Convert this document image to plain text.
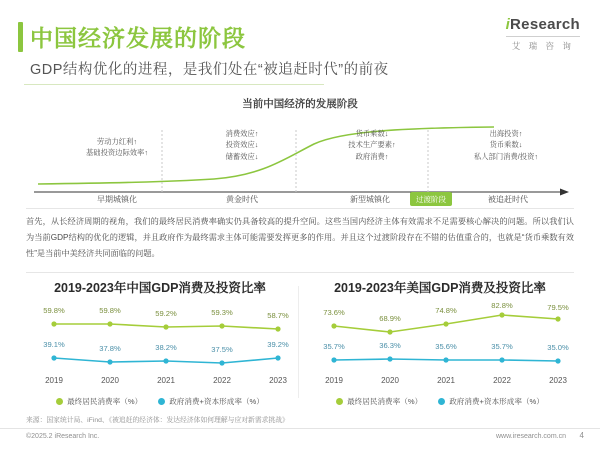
中国经济发展的阶段
GDP结构优化的进程，是我们处在“被追赶时代”的前夜
iResearch
艾 瑞 咨 询
当前中国经济的发展阶段
劳动力红利↑
基础投资边际效率↑
消费效应↑
投资效应↓
储蓄效应↓
货币乘数↓
技术生产要素↑
政府消费↑
出海投资↑
货币乘数↓
私人部门消费/投资↑
早期城镇化	黄金时代	新型城镇化	被追赶时代
过渡阶段
首先，从长经济周期的视角，我们的最终居民消费率确实仍具备较高的提升空间。这些当国内经济主体有效需求不足需要核心解决的问题。所以我们认为当前GDP结构的优化的逻辑，并且政府作为最终需求主体可能需要发挥更多的作用。并且这个过渡阶段存在不错的估值重合的，也就是“货币乘数有效性”是当前中美经济共同面临的问题。
2019-2023年中国GDP消费及投资比率
59.8%	59.8%	59.2%	59.3%	58.7%
39.1%	37.8%	38.2%	37.5%
39.2%
2019	2020	2021	2022	2023
最终居民消费率（%）	政府消费+资本形成率（%）
2019-2023年美国GDP消费及投资比率
73.6%
68.9%
74.8%
82.8%	79.5%
35.7%	36.3%	35.6%	35.7%	35.0%
2019	2020	2021	2022	2023
最终居民消费率（%）	政府消费+资本形成率（%）
来源：国家统计局、iFind、《被追赶的经济体：发达经济体如何理解与应对新需求挑战》
©2025.2 iResearch Inc.	www.iresearch.com.cn 4
